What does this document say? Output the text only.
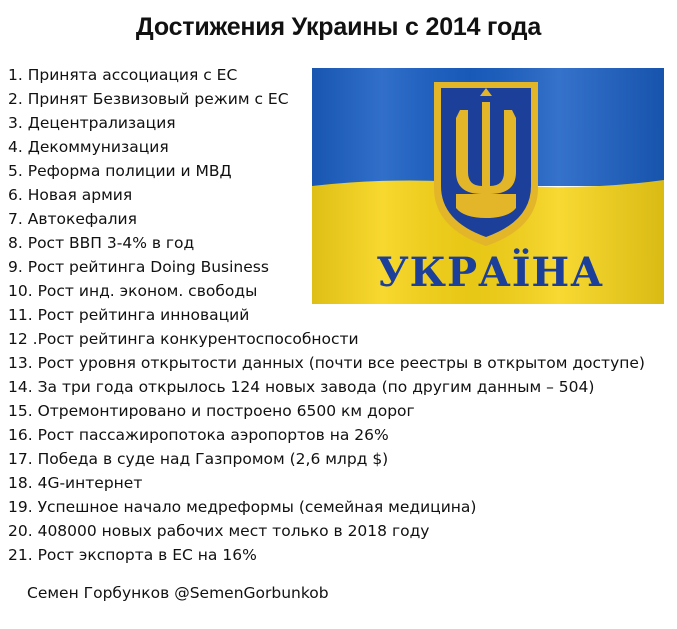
Достижения Украины с 2014 года
1. Принята ассоциация с ЕС
2. Принят Безвизовый режим с ЕС
3. Децентрализация
4. Декоммунизация
5. Реформа полиции и МВД
6. Новая армия
7. Автокефалия
8. Рост ВВП 3-4% в год
9. Рост рейтинга Doing Business
10. Рост инд. эконом. свободы
11. Рост рейтинга инноваций
12 .Рост рейтинга конкурентоспособности
13. Рост уровня открытости данных (почти все реестры в открытом доступе)
14. За три года открылось 124 новых завода (по другим данным – 504)
15. Отремонтировано и построено 6500 км дорог
16. Рост пассажиропотока аэропортов на 26%
17. Победа в суде над Газпромом (2,6 млрд $)
18. 4G-интернет
19. Успешное начало медреформы (семейная медицина)
20. 408000 новых рабочих мест только в 2018 году
21. Рост экспорта в ЕС на 16%
УКРАЇНА
Семен Горбунков @SemenGorbunkob
